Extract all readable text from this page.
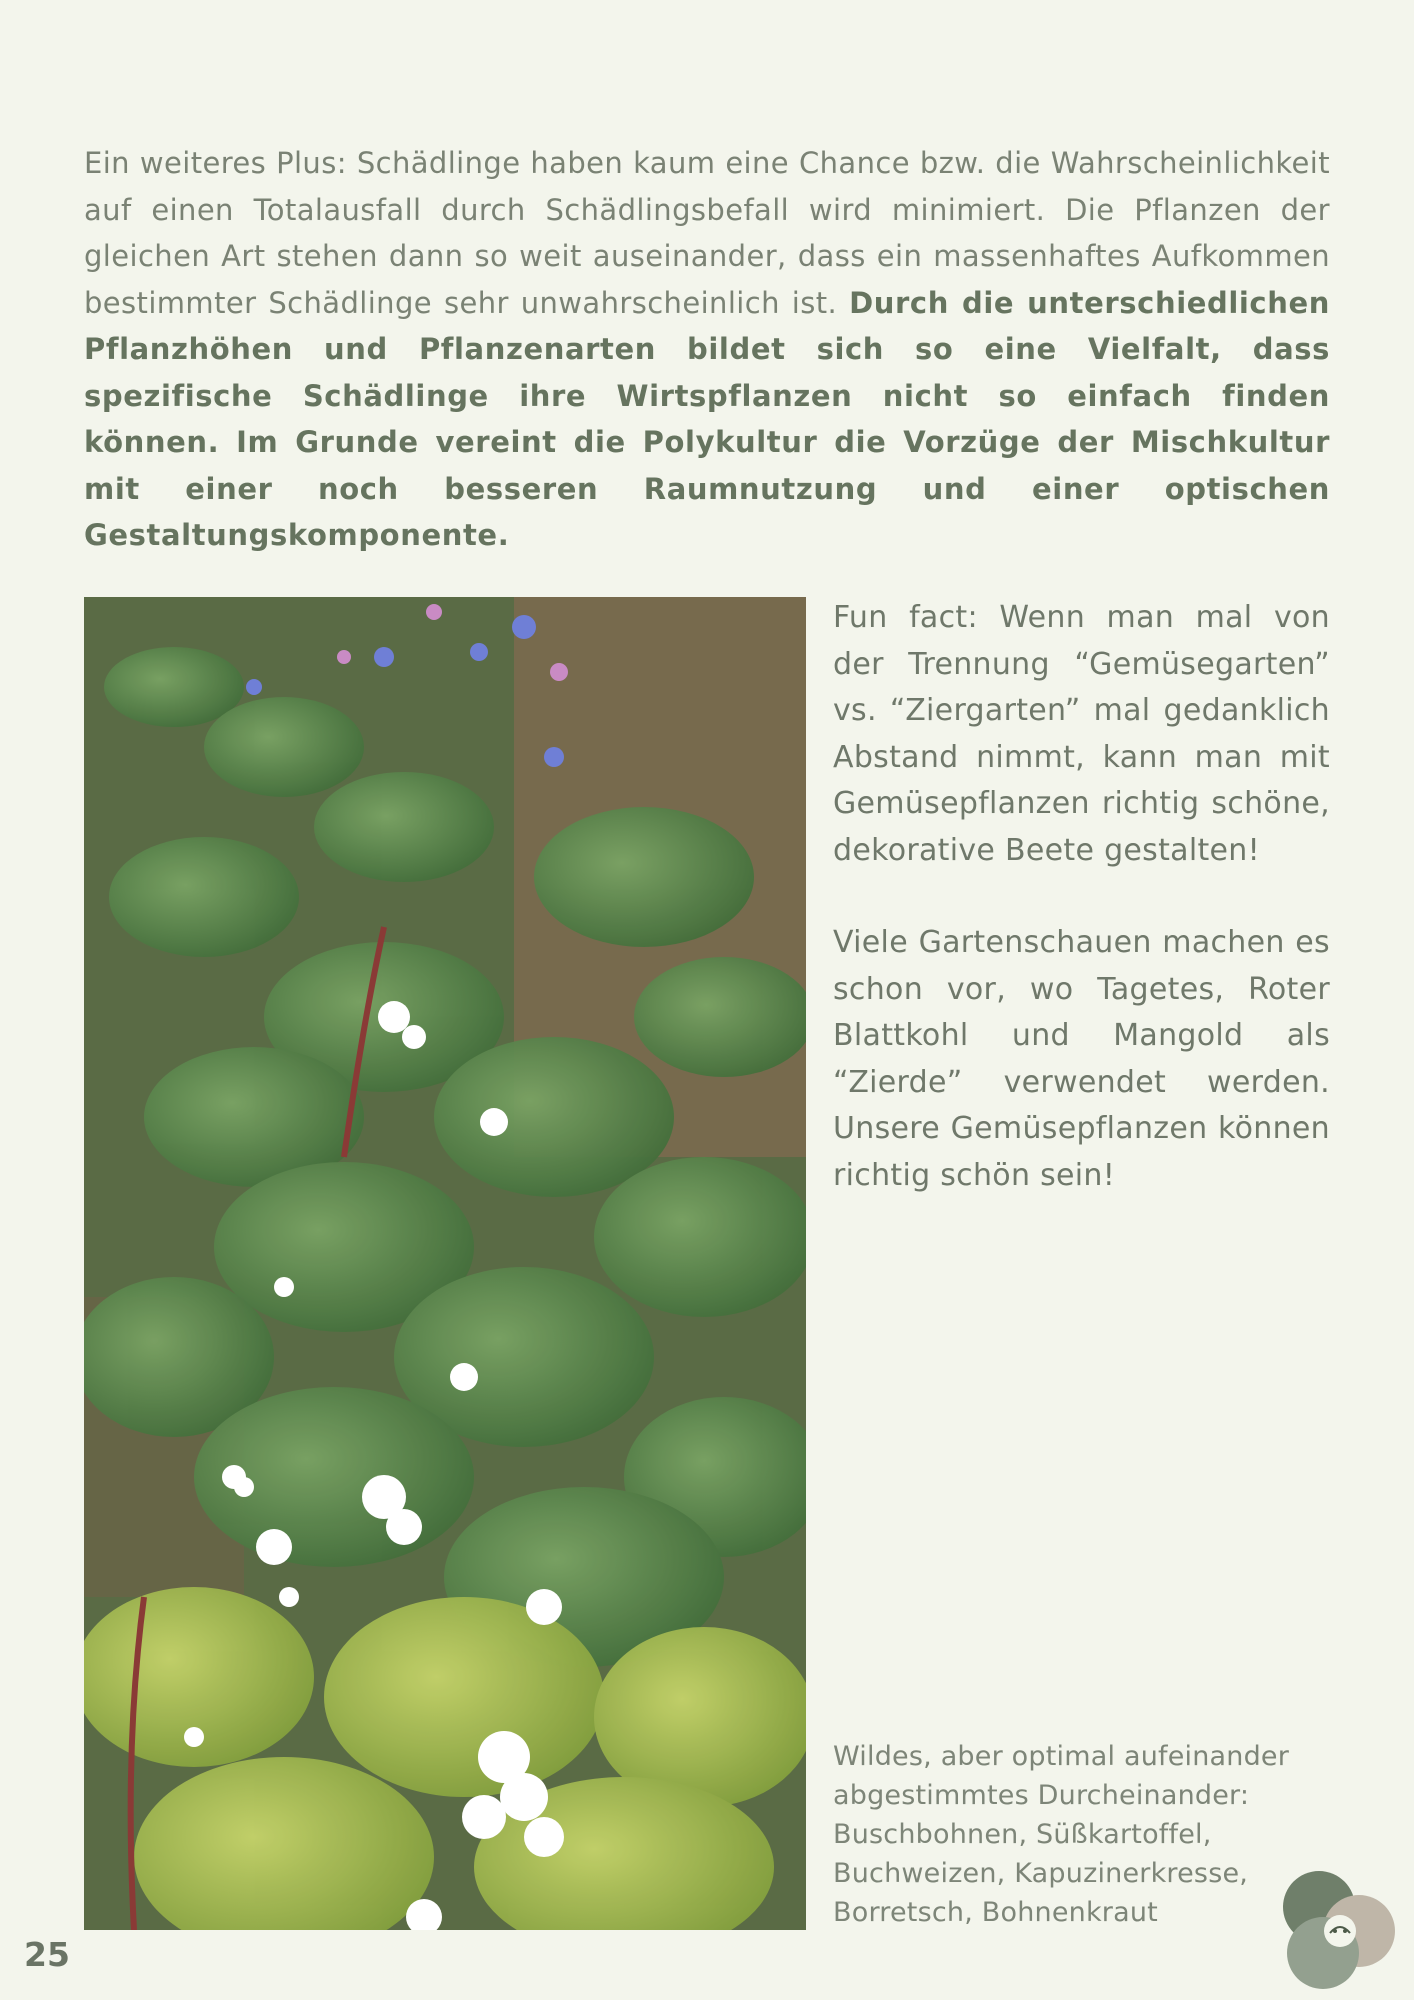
Ein weiteres Plus: Schädlinge haben kaum eine Chance bzw. die Wahrscheinlichkeit auf einen Totalausfall durch Schädlingsbefall wird minimiert. Die Pflanzen der gleichen Art stehen dann so weit auseinander, dass ein massenhaftes Aufkommen bestimmter Schädlinge sehr unwahrscheinlich ist. Durch die unterschiedlichen Pflanzhöhen und Pflanzenarten bildet sich so eine Vielfalt, dass spezifische Schädlinge ihre Wirtspflanzen nicht so einfach finden können. Im Grunde vereint die Polykultur die Vorzüge der Mischkultur mit einer noch besseren Raumnutzung und einer optischen Gestaltungskomponente.

Fun fact: Wenn man mal von der Trennung “Gemüsegarten” vs. “Ziergarten” mal gedanklich Abstand nimmt, kann man mit Gemüsepflanzen richtig schöne, dekorative Beete gestalten!

Viele Gartenschauen machen es schon vor, wo Tagetes, Roter Blattkohl und Mangold als “Zierde” verwendet werden. Unsere Gemüsepflanzen können richtig schön sein!

Wildes, aber optimal aufeinander abgestimmtes Durcheinander: Buschbohnen, Süßkartoffel, Buchweizen, Kapuzinerkresse, Borretsch, Bohnenkraut
25
